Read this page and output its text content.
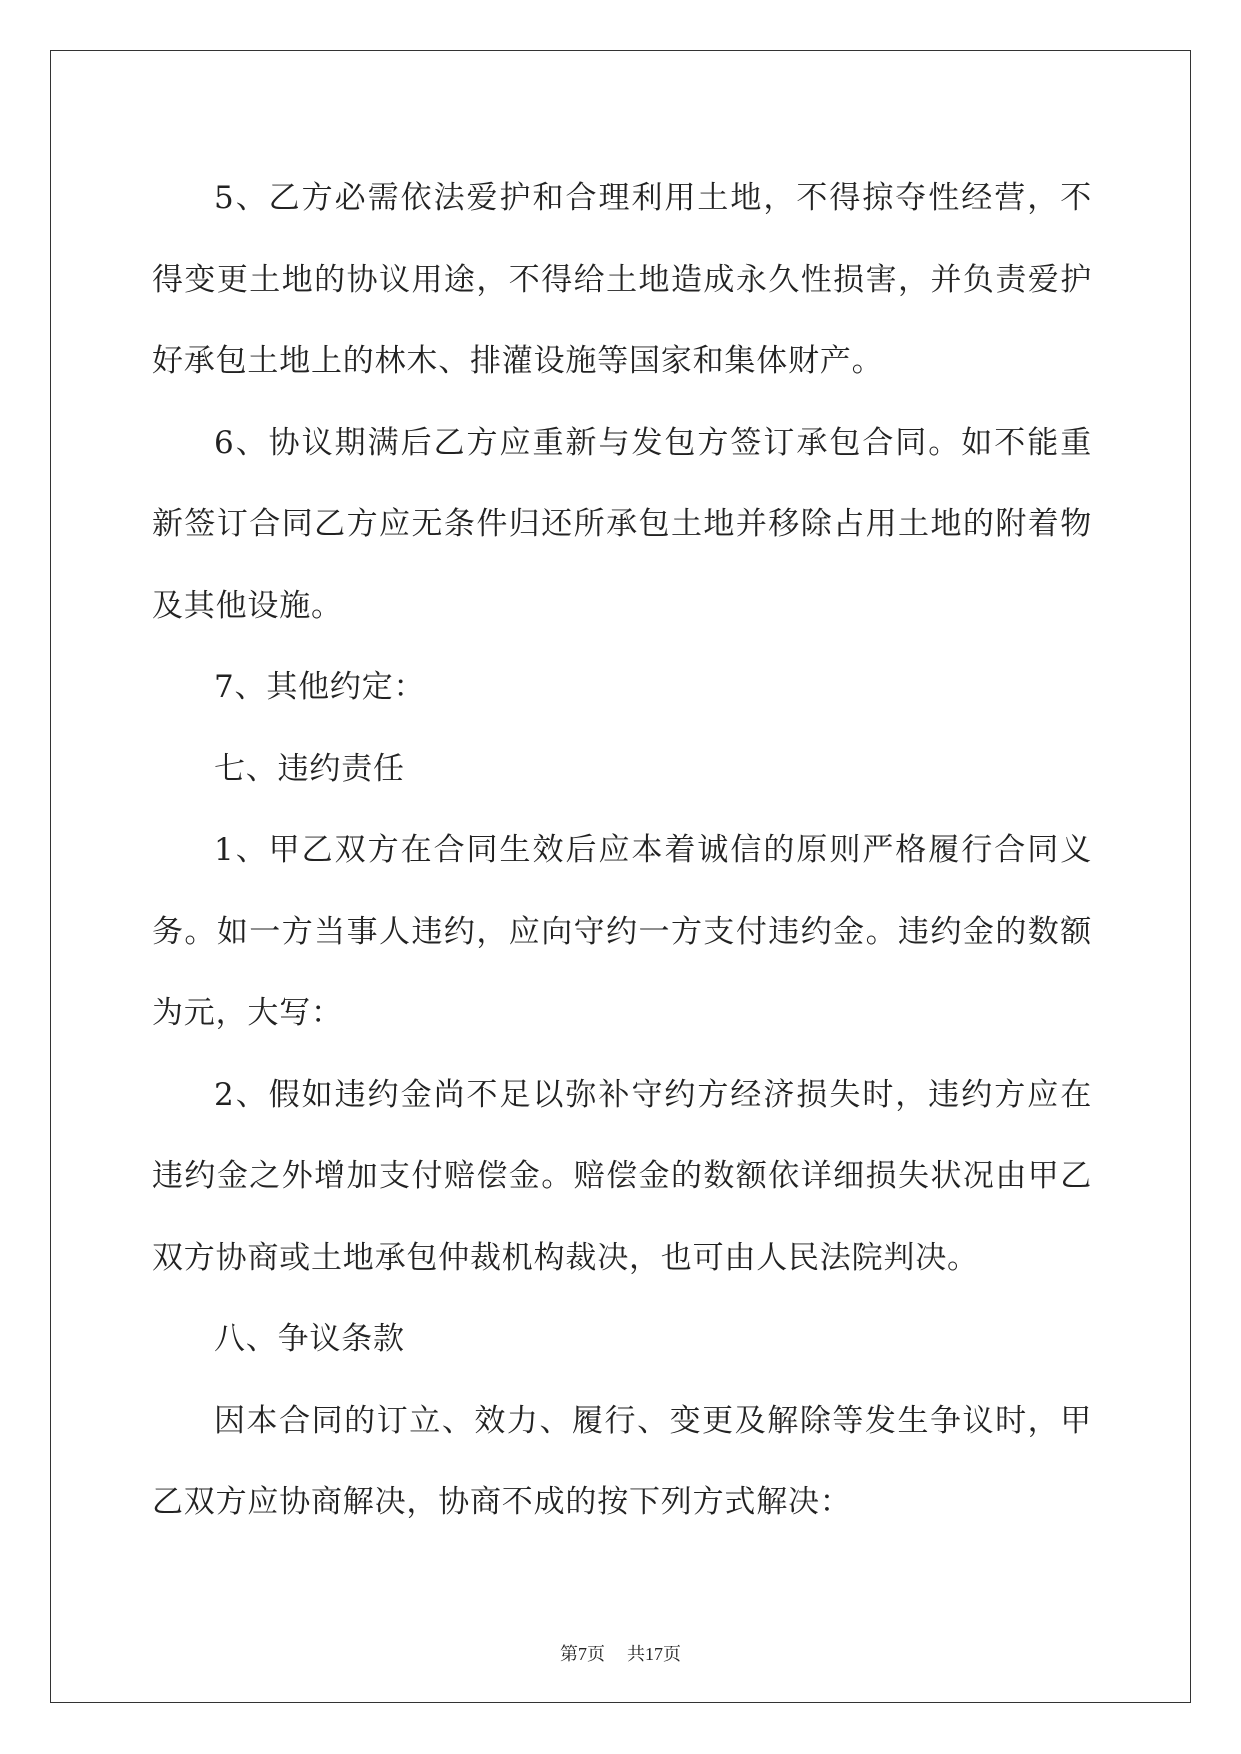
5、乙方必需依法爱护和合理利用土地，不得掠夺性经营，不得变更土地的协议用途，不得给土地造成永久性损害，并负责爱护好承包土地上的林木、排灌设施等国家和集体财产。

6、协议期满后乙方应重新与发包方签订承包合同。如不能重新签订合同乙方应无条件归还所承包土地并移除占用土地的附着物及其他设施。

7、其他约定：

七、违约责任

1、甲乙双方在合同生效后应本着诚信的原则严格履行合同义务。如一方当事人违约，应向守约一方支付违约金。违约金的数额为元，大写：

2、假如违约金尚不足以弥补守约方经济损失时，违约方应在违约金之外增加支付赔偿金。赔偿金的数额依详细损失状况由甲乙双方协商或土地承包仲裁机构裁决，也可由人民法院判决。

八、争议条款

因本合同的订立、效力、履行、变更及解除等发生争议时，甲乙双方应协商解决，协商不成的按下列方式解决：

第7页 共17页
